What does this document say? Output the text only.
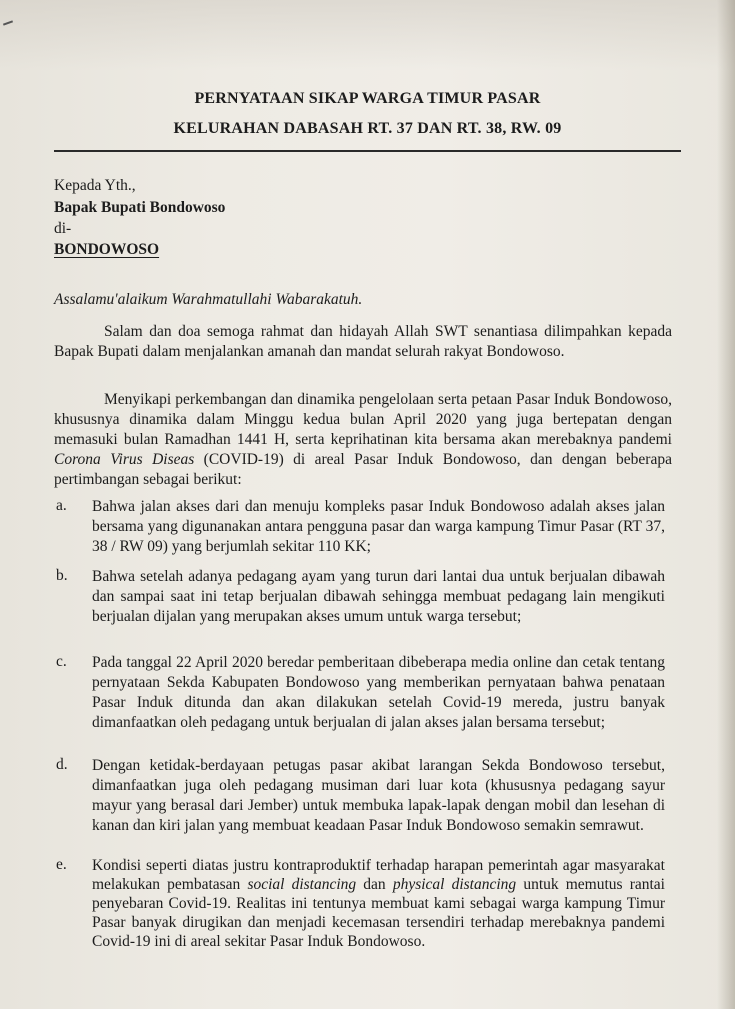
PERNYATAAN SIKAP WARGA TIMUR PASAR
KELURAHAN DABASAH RT. 37 DAN RT. 38, RW. 09
Kepada Yth.,
Bapak Bupati Bondowoso
di-
BONDOWOSO
Assalamu'alaikum Warahmatullahi Wabarakatuh.
Salam dan doa semoga rahmat dan hidayah Allah SWT senantiasa dilimpahkan kepada Bapak Bupati dalam menjalankan amanah dan mandat selurah rakyat Bondowoso.
Menyikapi perkembangan dan dinamika pengelolaan serta petaan Pasar Induk Bondowoso, khususnya dinamika dalam Minggu kedua bulan April 2020 yang juga bertepatan dengan memasuki bulan Ramadhan 1441 H, serta keprihatinan kita bersama akan merebaknya pandemi Corona Virus Diseas (COVID-19) di areal Pasar Induk Bondowoso, dan dengan beberapa pertimbangan sebagai berikut:
a. Bahwa jalan akses dari dan menuju kompleks pasar Induk Bondowoso adalah akses jalan bersama yang digunanakan antara pengguna pasar dan warga kampung Timur Pasar (RT 37, 38 / RW 09) yang berjumlah sekitar 110 KK;
b. Bahwa setelah adanya pedagang ayam yang turun dari lantai dua untuk berjualan dibawah dan sampai saat ini tetap berjualan dibawah sehingga membuat pedagang lain mengikuti berjualan dijalan yang merupakan akses umum untuk warga tersebut;
c. Pada tanggal 22 April 2020 beredar pemberitaan dibeberapa media online dan cetak tentang pernyataan Sekda Kabupaten Bondowoso yang memberikan pernyataan bahwa penataan Pasar Induk ditunda dan akan dilakukan setelah Covid-19 mereda, justru banyak dimanfaatkan oleh pedagang untuk berjualan di jalan akses jalan bersama tersebut;
d. Dengan ketidak-berdayaan petugas pasar akibat larangan Sekda Bondowoso tersebut, dimanfaatkan juga oleh pedagang musiman dari luar kota (khususnya pedagang sayur mayur yang berasal dari Jember) untuk membuka lapak-lapak dengan mobil dan lesehan di kanan dan kiri jalan yang membuat keadaan Pasar Induk Bondowoso semakin semrawut.
e. Kondisi seperti diatas justru kontraproduktif terhadap harapan pemerintah agar masyarakat melakukan pembatasan social distancing dan physical distancing untuk memutus rantai penyebaran Covid-19. Realitas ini tentunya membuat kami sebagai warga kampung Timur Pasar banyak dirugikan dan menjadi kecemasan tersendiri terhadap merebaknya pandemi Covid-19 ini di areal sekitar Pasar Induk Bondowoso.
